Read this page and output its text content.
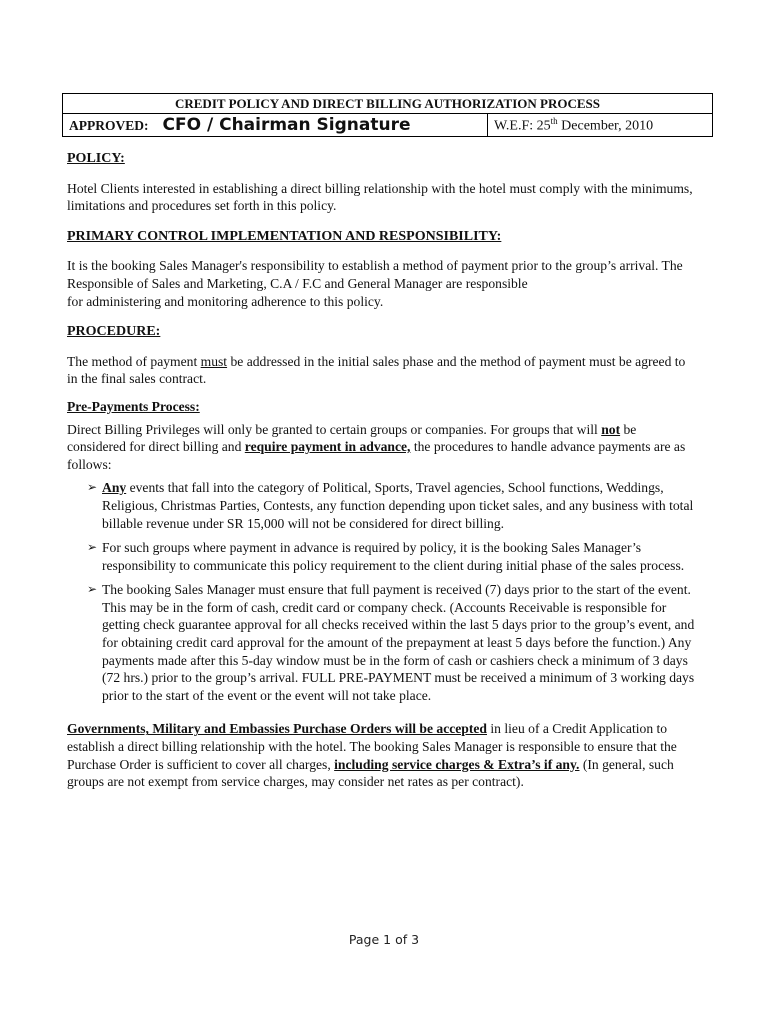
CREDIT POLICY AND DIRECT BILLING AUTHORIZATION PROCESS
APPROVED: CFO / Chairman Signature	W.E.F: 25th December, 2010

POLICY:

Hotel Clients interested in establishing a direct billing relationship with the hotel must comply with the minimums, limitations and procedures set forth in this policy.

PRIMARY CONTROL IMPLEMENTATION AND RESPONSIBILITY:

It is the booking Sales Manager's responsibility to establish a method of payment prior to the group’s arrival. The Responsible of Sales and Marketing, C.A / F.C and General Manager are responsible

for administering and monitoring adherence to this policy.

PROCEDURE:

The method of payment must be addressed in the initial sales phase and the method of payment must be agreed to in the final sales contract.

Pre-Payments Process:

Direct Billing Privileges will only be granted to certain groups or companies. For groups that will not be considered for direct billing and require payment in advance, the procedures to handle advance payments are as follows:

➢ Any events that fall into the category of Political, Sports, Travel agencies, School functions, Weddings, Religious, Christmas Parties, Contests, any function depending upon ticket sales, and any business with total billable revenue under SR 15,000 will not be considered for direct billing.
➢ For such groups where payment in advance is required by policy, it is the booking Sales Manager’s responsibility to communicate this policy requirement to the client during initial phase of the sales process.
➢ The booking Sales Manager must ensure that full payment is received (7) days prior to the start of the event. This may be in the form of cash, credit card or company check. (Accounts Receivable is responsible for getting check guarantee approval for all checks received within the last 5 days prior to the group’s event, and for obtaining credit card approval for the amount of the prepayment at least 5 days before the function.) Any payments made after this 5-day window must be in the form of cash or cashiers check a minimum of 3 days (72 hrs.) prior to the group’s arrival. FULL PRE-PAYMENT must be received a minimum of 3 working days prior to the start of the event or the event will not take place.

Governments, Military and Embassies Purchase Orders will be accepted in lieu of a Credit Application to establish a direct billing relationship with the hotel. The booking Sales Manager is responsible to ensure that the Purchase Order is sufficient to cover all charges, including service charges & Extra’s if any. (In general, such groups are not exempt from service charges, may consider net rates as per contract).

Page 1 of 3
